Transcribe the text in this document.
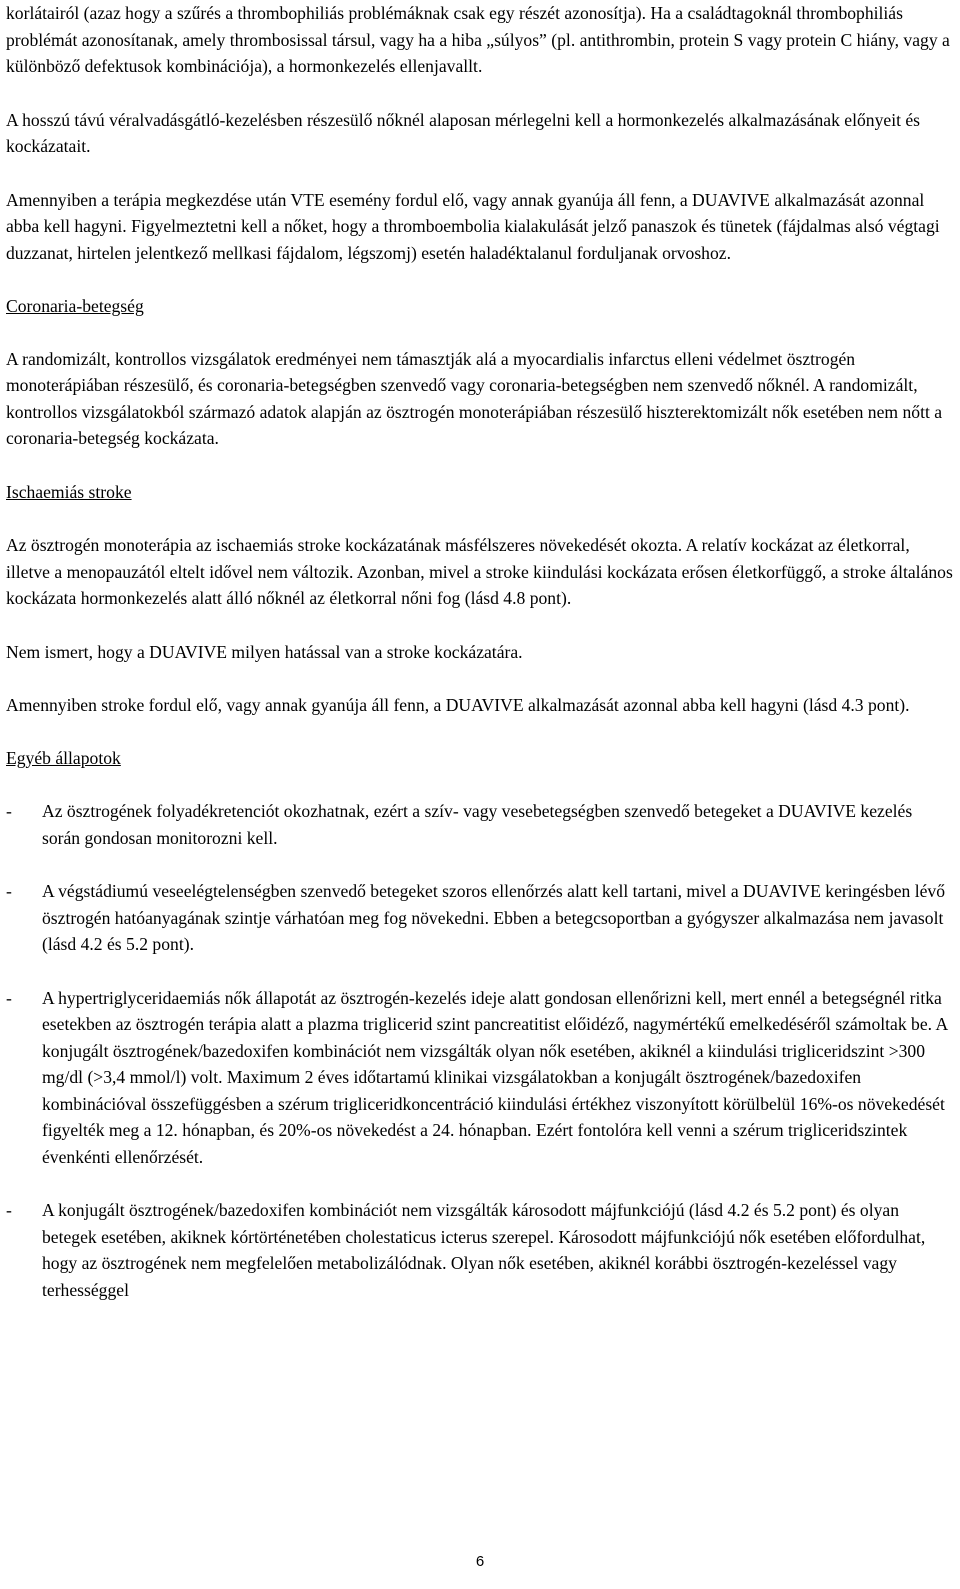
korlátairól (azaz hogy a szűrés a thrombophiliás problémáknak csak egy részét azonosítja). Ha a családtagoknál thrombophiliás problémát azonosítanak, amely thrombosissal társul, vagy ha a hiba „súlyos” (pl. antithrombin, protein S vagy protein C hiány, vagy a különböző defektusok kombinációja), a hormonkezelés ellenjavallt.

A hosszú távú véralvadásgátló-kezelésben részesülő nőknél alaposan mérlegelni kell a hormonkezelés alkalmazásának előnyeit és kockázatait.

Amennyiben a terápia megkezdése után VTE esemény fordul elő, vagy annak gyanúja áll fenn, a DUAVIVE alkalmazását azonnal abba kell hagyni. Figyelmeztetni kell a nőket, hogy a thromboembolia kialakulását jelző panaszok és tünetek (fájdalmas alsó végtagi duzzanat, hirtelen jelentkező mellkasi fájdalom, légszomj) esetén haladéktalanul forduljanak orvoshoz.

Coronaria-betegség

A randomizált, kontrollos vizsgálatok eredményei nem támasztják alá a myocardialis infarctus elleni védelmet ösztrogén monoterápiában részesülő, és coronaria-betegségben szenvedő vagy coronaria-betegségben nem szenvedő nőknél. A randomizált, kontrollos vizsgálatokból származó adatok alapján az ösztrogén monoterápiában részesülő hiszterektomizált nők esetében nem nőtt a coronaria-betegség kockázata.

Ischaemiás stroke

Az ösztrogén monoterápia az ischaemiás stroke kockázatának másfélszeres növekedését okozta. A relatív kockázat az életkorral, illetve a menopauzától eltelt idővel nem változik. Azonban, mivel a stroke kiindulási kockázata erősen életkorfüggő, a stroke általános kockázata hormonkezelés alatt álló nőknél az életkorral nőni fog (lásd 4.8 pont).

Nem ismert, hogy a DUAVIVE milyen hatással van a stroke kockázatára.

Amennyiben stroke fordul elő, vagy annak gyanúja áll fenn, a DUAVIVE alkalmazását azonnal abba kell hagyni (lásd 4.3 pont).

Egyéb állapotok

-	Az ösztrogének folyadékretenciót okozhatnak, ezért a szív- vagy vesebetegségben szenvedő betegeket a DUAVIVE kezelés során gondosan monitorozni kell.

-	A végstádiumú veseelégtelenségben szenvedő betegeket szoros ellenőrzés alatt kell tartani, mivel a DUAVIVE keringésben lévő ösztrogén hatóanyagának szintje várhatóan meg fog növekedni. Ebben a betegcsoportban a gyógyszer alkalmazása nem javasolt (lásd 4.2 és 5.2 pont).

-	A hypertriglyceridaemiás nők állapotát az ösztrogén-kezelés ideje alatt gondosan ellenőrizni kell, mert ennél a betegségnél ritka esetekben az ösztrogén terápia alatt a plazma triglicerid szint pancreatitist előidéző, nagymértékű emelkedéséről számoltak be. A konjugált ösztrogének/bazedoxifen kombinációt nem vizsgálták olyan nők esetében, akiknél a kiindulási trigliceridszint >300 mg/dl (>3,4 mmol/l) volt. Maximum 2 éves időtartamú klinikai vizsgálatokban a konjugált ösztrogének/bazedoxifen kombinációval összefüggésben a szérum trigliceridkoncentráció kiindulási értékhez viszonyított körülbelül 16%-os növekedését figyelték meg a 12. hónapban, és 20%-os növekedést a 24. hónapban. Ezért fontolóra kell venni a szérum trigliceridszintek évenkénti ellenőrzését.

-	A konjugált ösztrogének/bazedoxifen kombinációt nem vizsgálták károsodott májfunkciójú (lásd 4.2 és 5.2 pont) és olyan betegek esetében, akiknek kórtörténetében cholestaticus icterus szerepel. Károsodott májfunkciójú nők esetében előfordulhat, hogy az ösztrogének nem megfelelően metabolizálódnak. Olyan nők esetében, akiknél korábbi ösztrogén-kezeléssel vagy terhességgel

6
